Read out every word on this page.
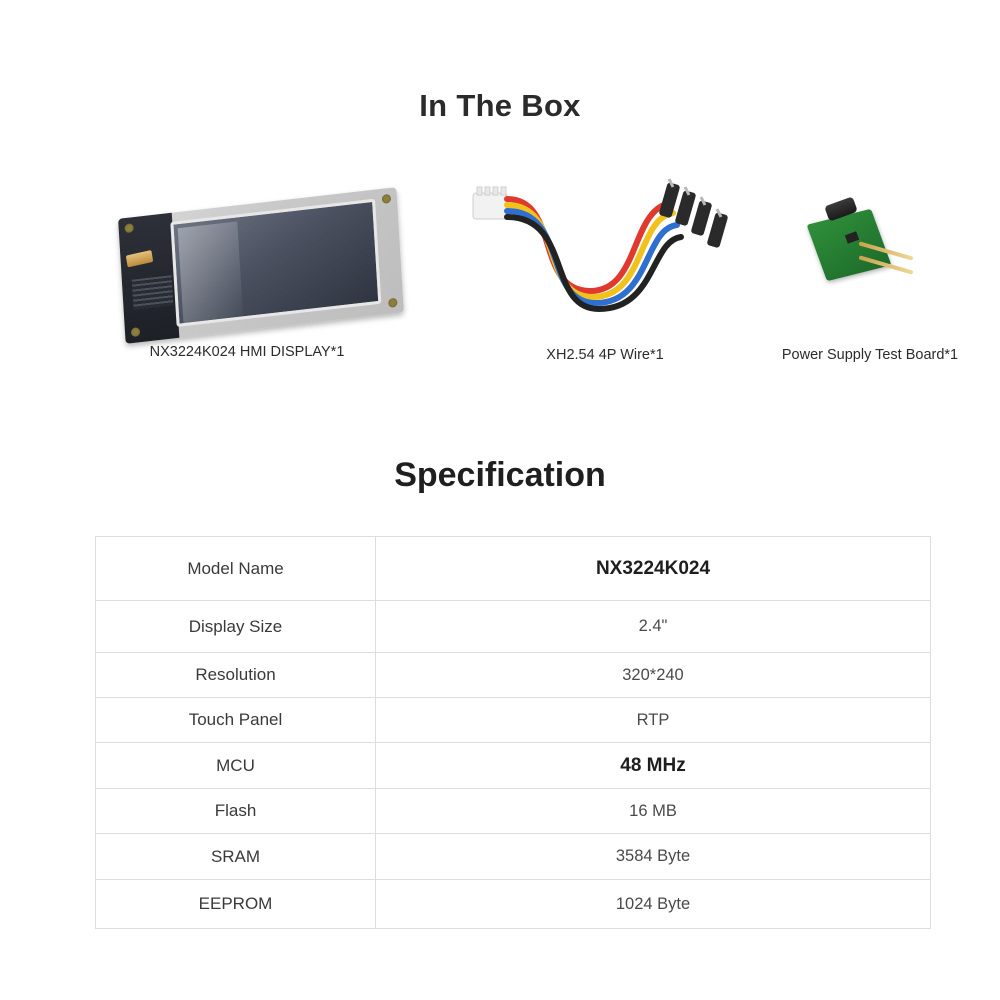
In The Box
NX3224K024 HMI DISPLAY*1	XH2.54 4P Wire*1	Power Supply Test Board*1
Specification
Model Name	NX3224K024

Display Size	2.4"

Resolution	320*240

Touch Panel	RTP

MCU	48 MHz

Flash	16 MB

SRAM	3584 Byte

EEPROM	1024 Byte
